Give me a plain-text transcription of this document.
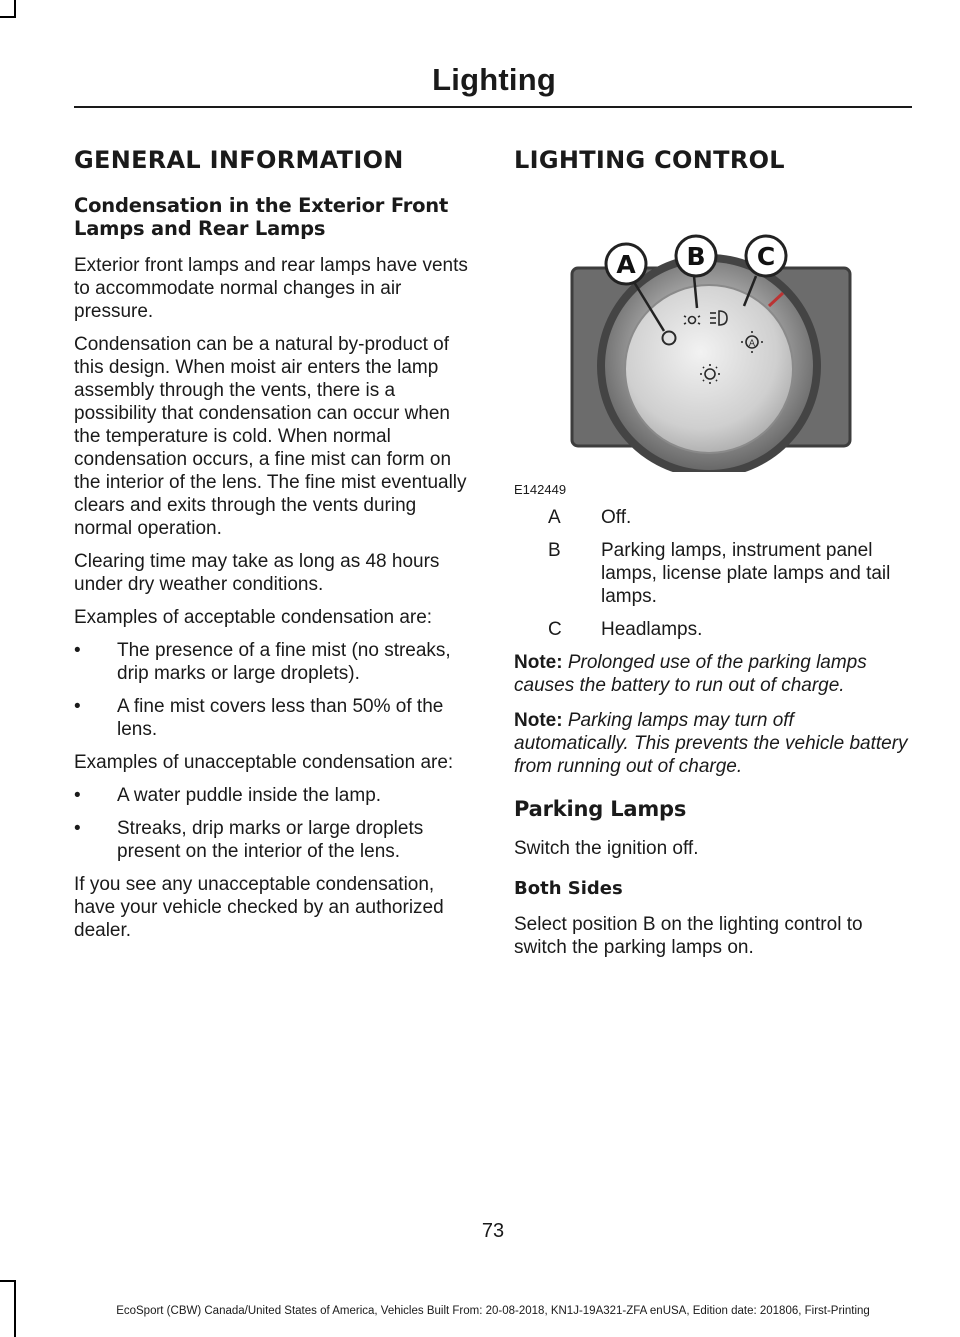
Lighting
GENERAL INFORMATION
Condensation in the Exterior Front Lamps and Rear Lamps

Exterior front lamps and rear lamps have vents to accommodate normal changes in air pressure.

Condensation can be a natural by-product of this design. When moist air enters the lamp assembly through the vents, there is a possibility that condensation can occur when the temperature is cold. When normal condensation occurs, a fine mist can form on the interior of the lens. The fine mist eventually clears and exits through the vents during normal operation.

Clearing time may take as long as 48 hours under dry weather conditions.

Examples of acceptable condensation are:

• The presence of a fine mist (no streaks, drip marks or large droplets).
• A fine mist covers less than 50% of the lens.

Examples of unacceptable condensation are:

• A water puddle inside the lamp.
• Streaks, drip marks or large droplets present on the interior of the lens.

If you see any unacceptable condensation, have your vehicle checked by an authorized dealer.

LIGHTING CONTROL
A
A B C
E142449
A	Off.
B	Parking lamps, instrument panel lamps, license plate lamps and tail lamps.
C	Headlamps.

Note: Prolonged use of the parking lamps causes the battery to run out of charge.

Note: Parking lamps may turn off automatically. This prevents the vehicle battery from running out of charge.

Parking Lamps

Switch the ignition off.

Both Sides

Select position B on the lighting control to switch the parking lamps on.

73
EcoSport (CBW) Canada/United States of America, Vehicles Built From: 20-08-2018, KN1J-19A321-ZFA enUSA, Edition date: 201806, First-Printing
